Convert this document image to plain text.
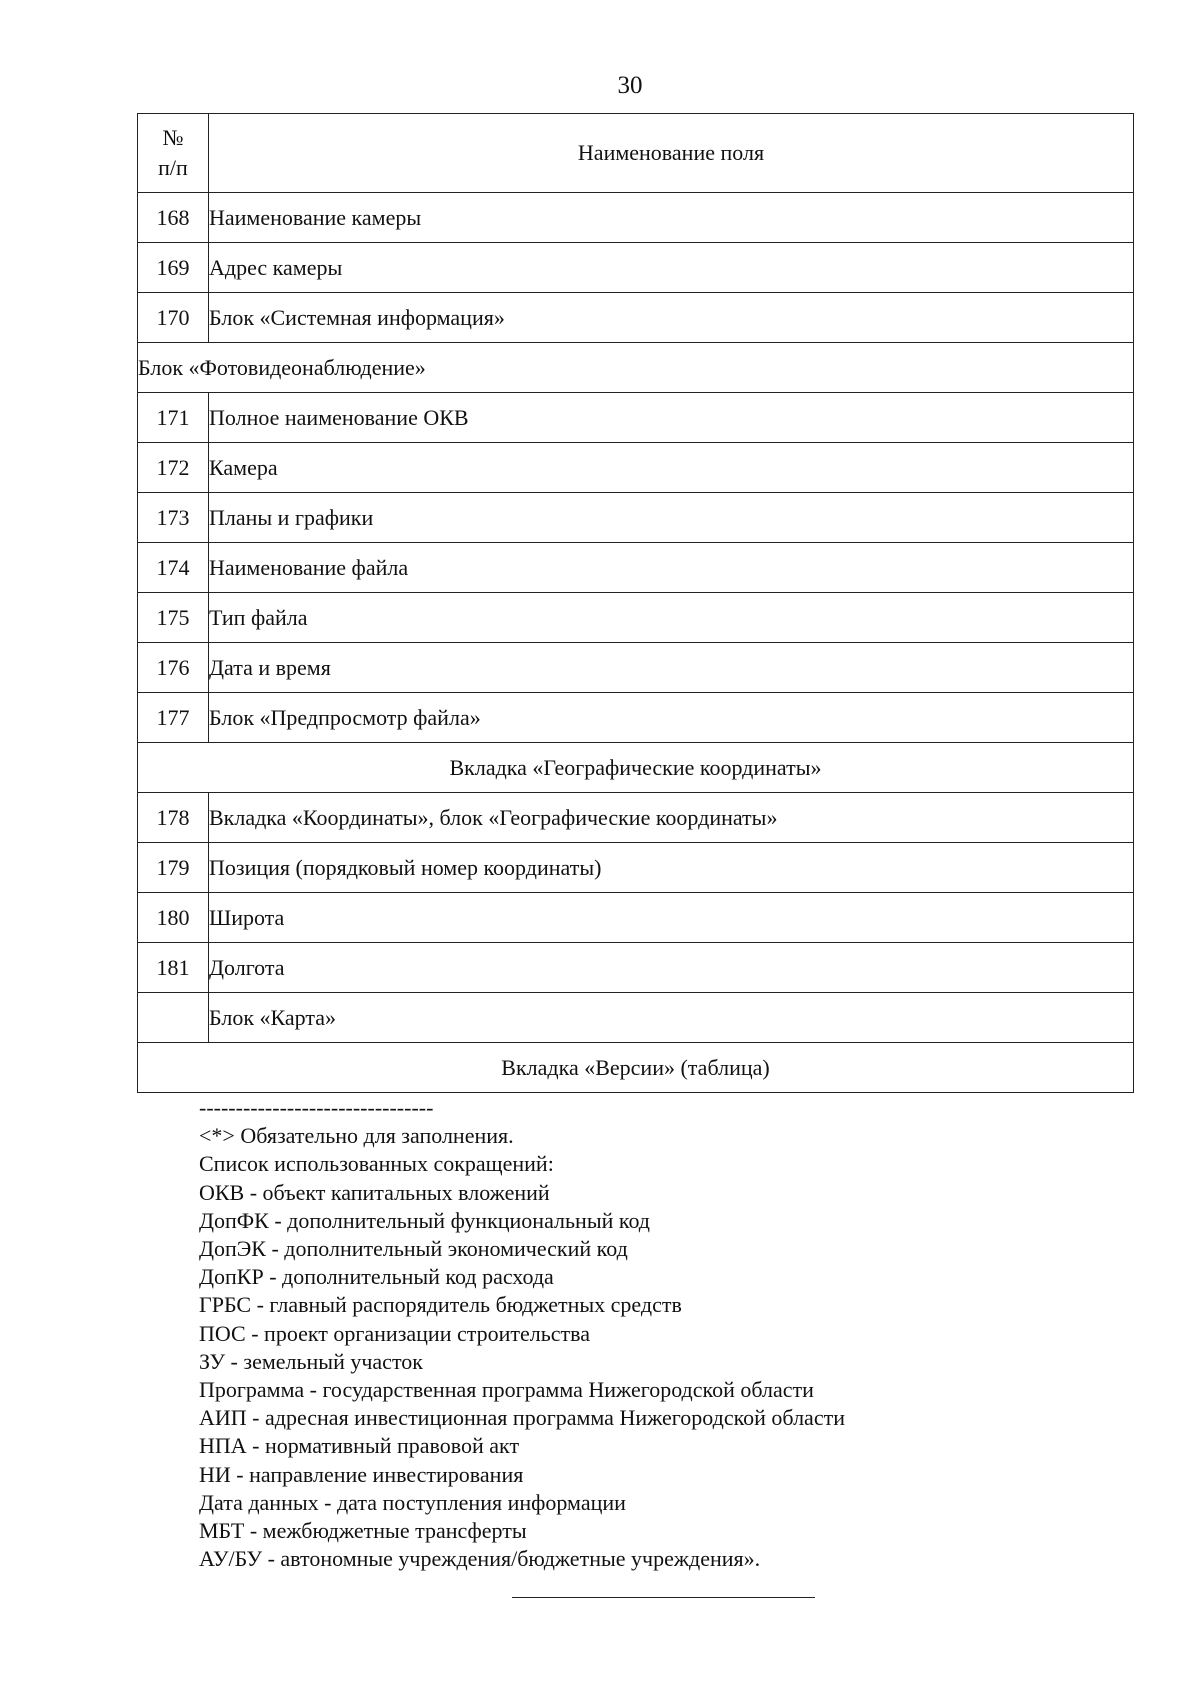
30
№
п/п	Наименование поля
168	Наименование камеры
169	Адрес камеры
170	Блок «Системная информация»
Блок «Фотовидеонаблюдение»	
171	Полное наименование ОКВ
172	Камера
173	Планы и графики
174	Наименование файла
175	Тип файла
176	Дата и время
177	Блок «Предпросмотр файла»
Вкладка «Географические координаты»	
178	Вкладка «Координаты», блок «Географические координаты»
179	Позиция (порядковый номер координаты)
180	Широта
181	Долгота
	Блок «Карта»
Вкладка «Версии» (таблица)	
--------------------------------
<*> Обязательно для заполнения.
Список использованных сокращений:
ОКВ - объект капитальных вложений
ДопФК - дополнительный функциональный код
ДопЭК - дополнительный экономический код
ДопКР - дополнительный код расхода
ГРБС - главный распорядитель бюджетных средств
ПОС - проект организации строительства
ЗУ - земельный участок
Программа - государственная программа Нижегородской области
АИП - адресная инвестиционная программа Нижегородской области
НПА - нормативный правовой акт
НИ - направление инвестирования
Дата данных - дата поступления информации
МБТ - межбюджетные трансферты
АУ/БУ - автономные учреждения/бюджетные учреждения».
